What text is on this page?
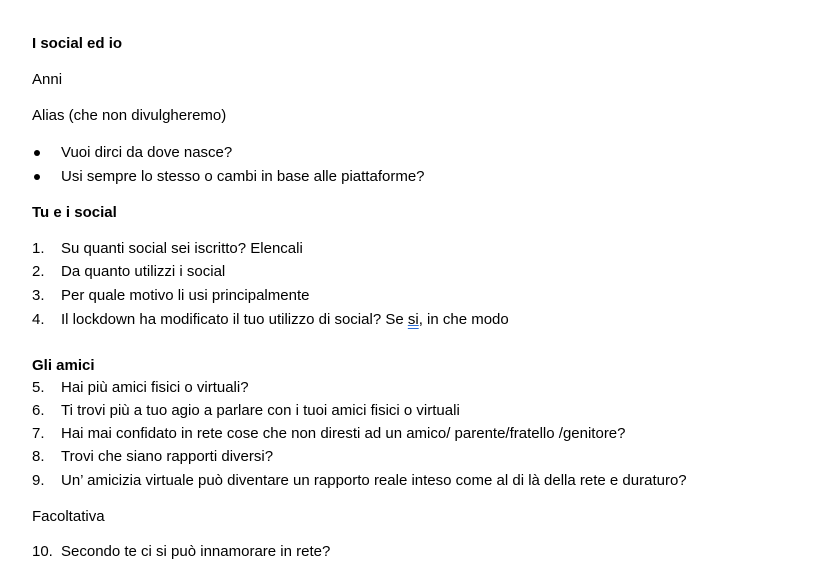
I social ed io
Anni
Alias (che non divulgheremo)
Vuoi dirci da dove nasce?
Usi sempre lo stesso o cambi in base alle piattaforme?
Tu e i social
1. Su quanti social sei iscritto? Elencali
2. Da quanto utilizzi i social
3. Per quale motivo li usi principalmente
4. Il lockdown ha modificato il tuo utilizzo di social? Se si, in che modo
Gli amici
5. Hai più amici fisici o virtuali?
6. Ti trovi più a tuo agio a parlare con i tuoi amici fisici o virtuali
7. Hai mai confidato in rete cose che non diresti ad un amico/ parente/fratello /genitore?
8. Trovi che siano rapporti diversi?
9. Un’ amicizia virtuale può diventare un rapporto reale inteso come al di là della rete e duraturo?
Facoltativa
10. Secondo te ci si può innamorare in rete?
